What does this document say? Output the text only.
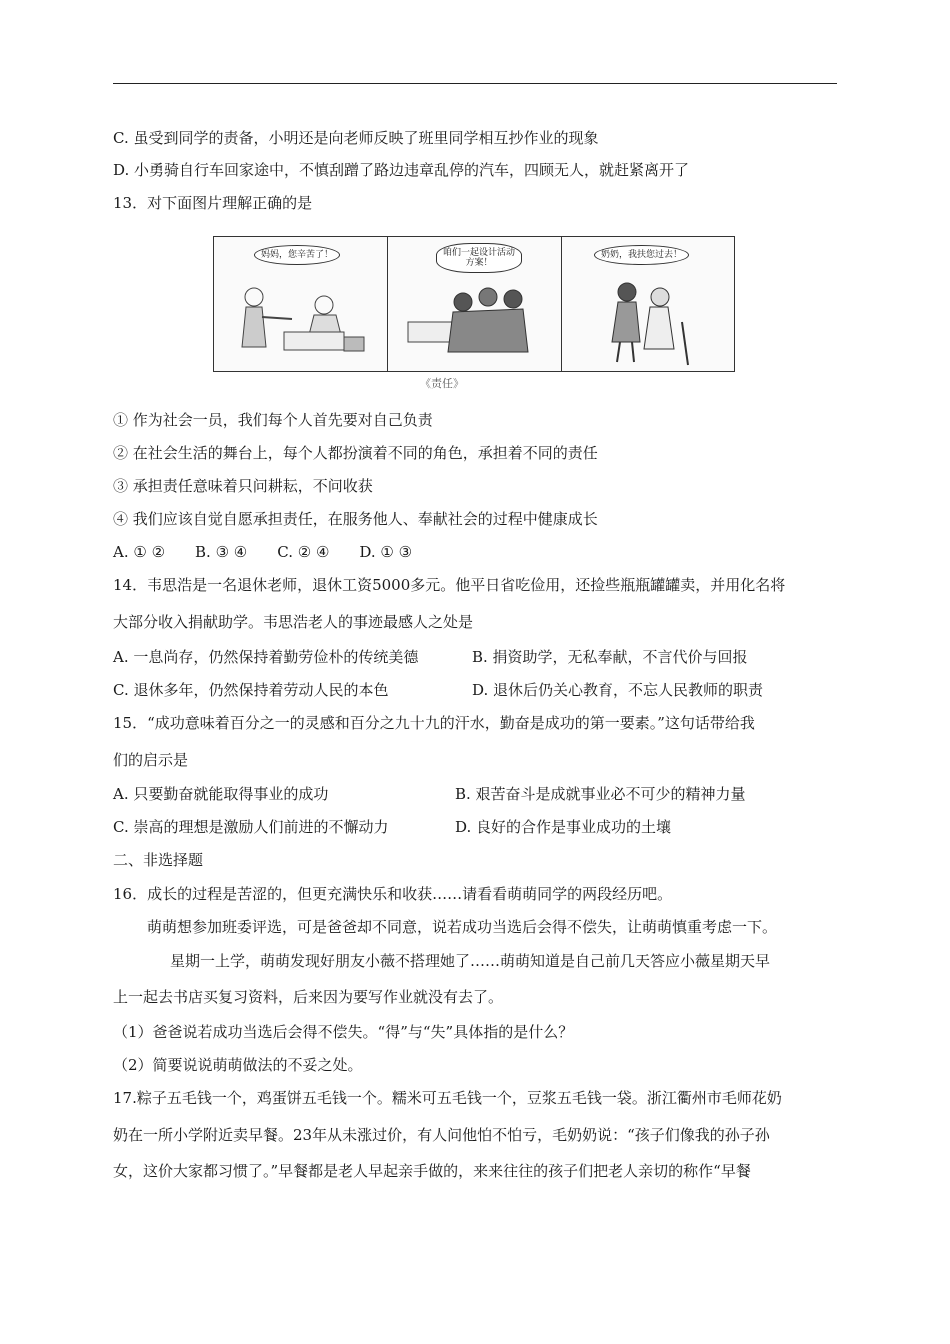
C. 虽受到同学的责备，小明还是向老师反映了班里同学相互抄作业的现象
D. 小勇骑自行车回家途中，不慎刮蹭了路边违章乱停的汽车，四顾无人，就赶紧离开了
13．对下面图片理解正确的是
妈妈，您辛苦了！	咱们一起设计活动
方案！
奶奶，我扶您过去！
《责任》
① 作为社会一员，我们每个人首先要对自己负责
② 在社会生活的舞台上，每个人都扮演着不同的角色，承担着不同的责任
③ 承担责任意味着只问耕耘，不问收获
④ 我们应该自觉自愿承担责任，在服务他人、奉献社会的过程中健康成长
A. ① ②　　B. ③ ④　　C. ② ④　　D. ① ③
14．韦思浩是一名退休老师，退休工资5000多元。他平日省吃俭用，还捡些瓶瓶罐罐卖，并用化名将
大部分收入捐献助学。韦思浩老人的事迹最感人之处是
A. 一息尚存，仍然保持着勤劳俭朴的传统美德	B. 捐资助学，无私奉献，不言代价与回报
C. 退休多年，仍然保持着劳动人民的本色	D. 退休后仍关心教育，不忘人民教师的职责
15．“成功意味着百分之一的灵感和百分之九十九的汗水，勤奋是成功的第一要素。”这句话带给我
们的启示是
A. 只要勤奋就能取得事业的成功	B. 艰苦奋斗是成就事业必不可少的精神力量
C. 崇高的理想是激励人们前进的不懈动力	D. 良好的合作是事业成功的土壤
二、非选择题
16．成长的过程是苦涩的，但更充满快乐和收获……请看看萌萌同学的两段经历吧。
萌萌想参加班委评选，可是爸爸却不同意，说若成功当选后会得不偿失，让萌萌慎重考虑一下。
星期一上学，萌萌发现好朋友小薇不搭理她了……萌萌知道是自己前几天答应小薇星期天早
上一起去书店买复习资料，后来因为要写作业就没有去了。
（1）爸爸说若成功当选后会得不偿失。“得”与“失”具体指的是什么？
（2）简要说说萌萌做法的不妥之处。
17.粽子五毛钱一个，鸡蛋饼五毛钱一个。糯米可五毛钱一个，豆浆五毛钱一袋。浙江衢州市毛师花奶
奶在一所小学附近卖早餐。23年从未涨过价，有人问他怕不怕亏，毛奶奶说：“孩子们像我的孙子孙
女，这价大家都习惯了。”早餐都是老人早起亲手做的，来来往往的孩子们把老人亲切的称作“早餐
